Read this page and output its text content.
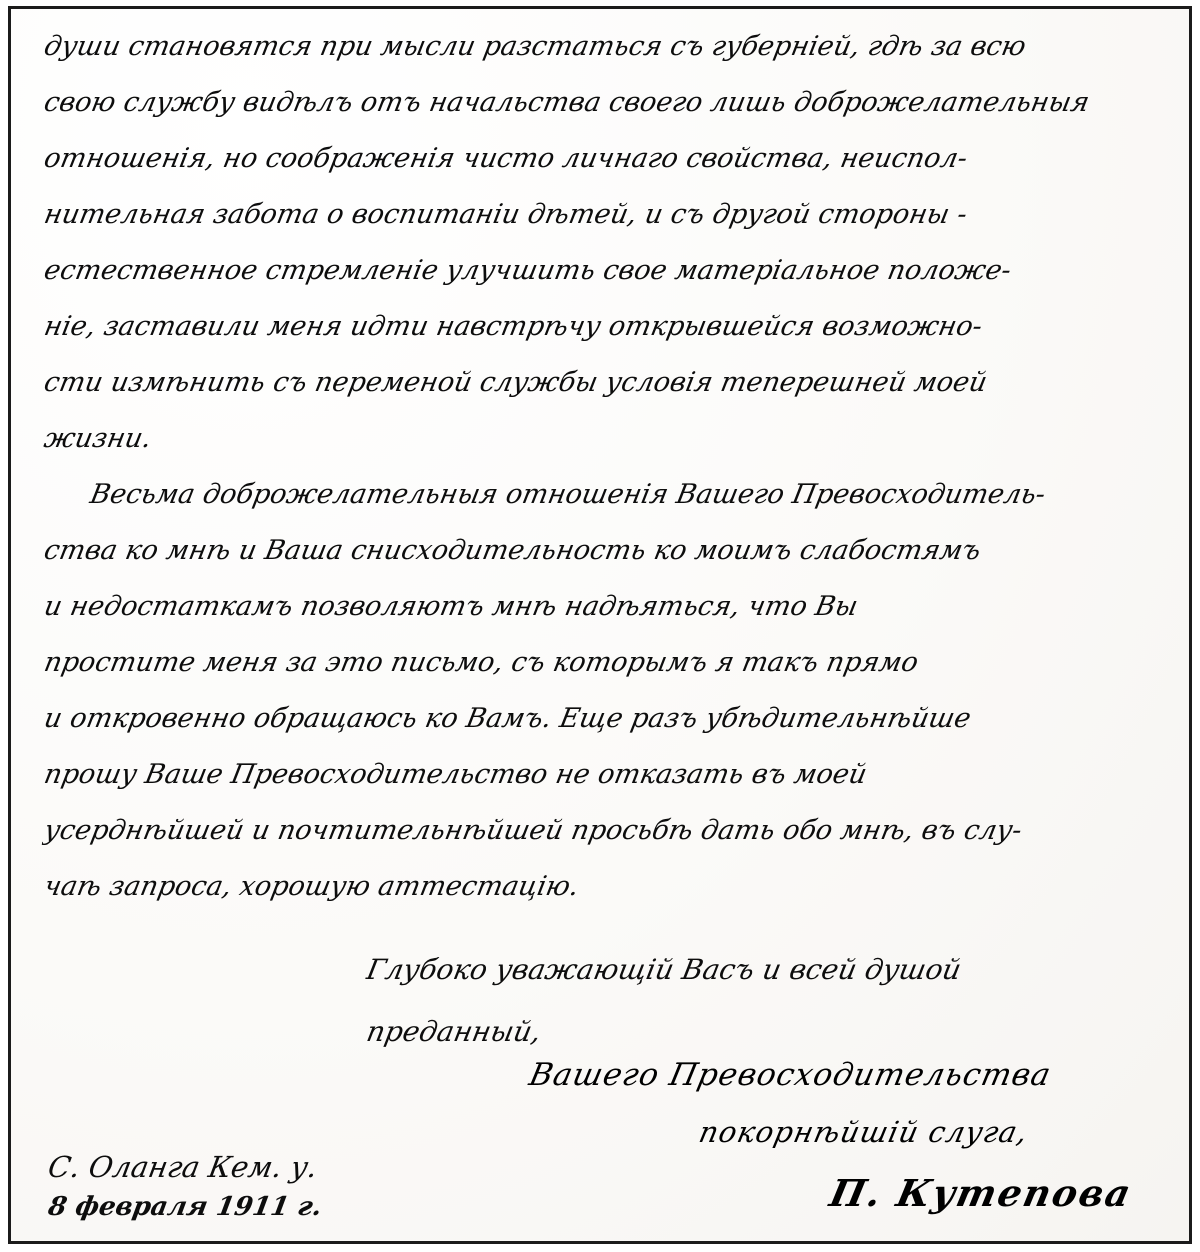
души становятся при мысли разстаться съ губернiей, гдѣ за всю
свою службу видѣлъ отъ начальства своего лишь доброжелательныя
отношенiя, но соображенiя чисто личнаго свойства, неиспол-
нительная забота о воспитанiи дѣтей, и съ другой стороны -
естественное стремленiе улучшить свое матерiальное положе-
нiе, заставили меня идти навстрѣчу открывшейся возможно-
сти измѣнить съ переменой службы условiя теперешней моей
жизни.
Весьма доброжелательныя отношенiя Вашего Превосходитель-
ства ко мнѣ и Ваша снисходительность ко моимъ слабостямъ
и недостаткамъ позволяютъ мнѣ надѣяться, что Вы
простите меня за это письмо, съ которымъ я такъ прямо
и откровенно обращаюсь ко Вамъ. Еще разъ убѣдительнѣйше
прошу Ваше Превосходительство не отказать въ моей
усерднѣйшей и почтительнѣйшей просьбѣ дать обо мнѣ, въ слу-
чаѣ запроса, хорошую аттестацiю.
Глубоко уважающiй Васъ и всей душой
преданный,
Вашего Превосходительства
покорнѣйшiй слуга,
П. Кутепова
С. Оланга Кем. у.
8 февраля 1911 г.
